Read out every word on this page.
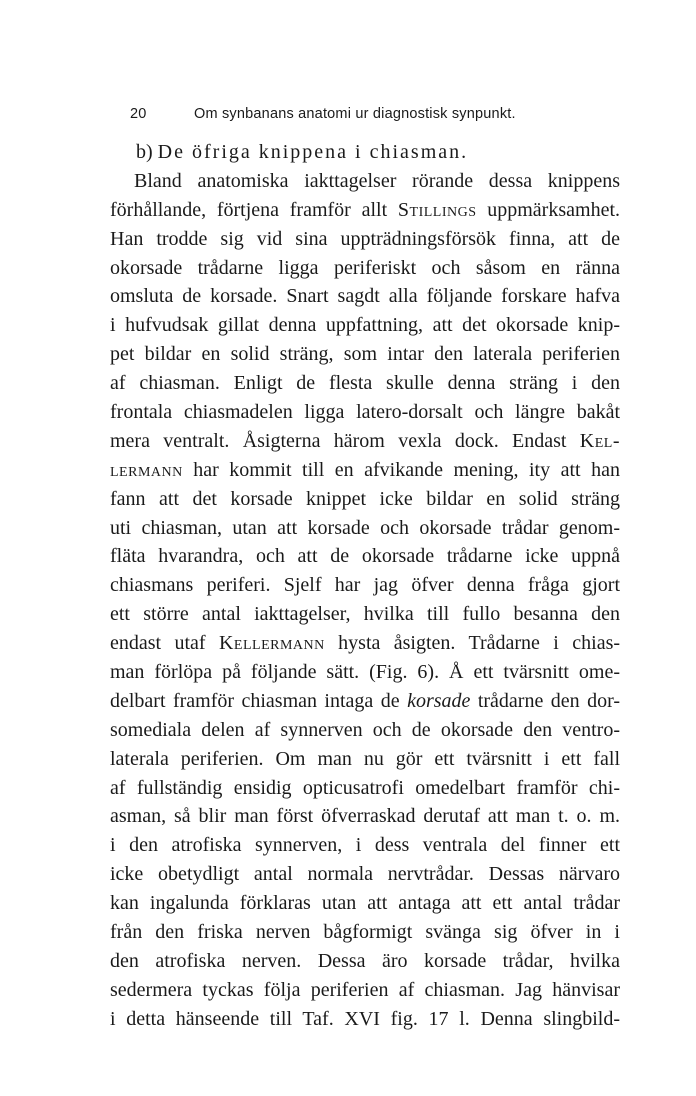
20	Om synbanans anatomi ur diagnostisk synpunkt.
b) De öfriga knippena i chiasman.
Bland anatomiska iakttagelser rörande dessa knippens
förhållande, förtjena framför allt Stillings uppmärksamhet.
Han trodde sig vid sina uppträdningsförsök finna, att de
okorsade trådarne ligga periferiskt och såsom en ränna
omsluta de korsade. Snart sagdt alla följande forskare hafva
i hufvudsak gillat denna uppfattning, att det okorsade knip-
pet bildar en solid sträng, som intar den laterala periferien
af chiasman. Enligt de flesta skulle denna sträng i den
frontala chiasmadelen ligga latero-dorsalt och längre bakåt
mera ventralt. Åsigterna härom vexla dock. Endast Kel-
lermann har kommit till en afvikande mening, ity att han
fann att det korsade knippet icke bildar en solid sträng
uti chiasman, utan att korsade och okorsade trådar genom-
fläta hvarandra, och att de okorsade trådarne icke uppnå
chiasmans periferi. Sjelf har jag öfver denna fråga gjort
ett större antal iakttagelser, hvilka till fullo besanna den
endast utaf Kellermann hysta åsigten. Trådarne i chias-
man förlöpa på följande sätt. (Fig. 6). Å ett tvärsnitt ome-
delbart framför chiasman intaga de korsade trådarne den dor-
somediala delen af synnerven och de okorsade den ventro-
laterala periferien. Om man nu gör ett tvärsnitt i ett fall
af fullständig ensidig opticusatrofi omedelbart framför chi-
asman, så blir man först öfverraskad derutaf att man t. o. m.
i den atrofiska synnerven, i dess ventrala del finner ett
icke obetydligt antal normala nervtrådar. Dessas närvaro
kan ingalunda förklaras utan att antaga att ett antal trådar
från den friska nerven bågformigt svänga sig öfver in i
den atrofiska nerven. Dessa äro korsade trådar, hvilka
sedermera tyckas följa periferien af chiasman. Jag hänvisar
i detta hänseende till Taf. XVI fig. 17 l. Denna slingbild-
